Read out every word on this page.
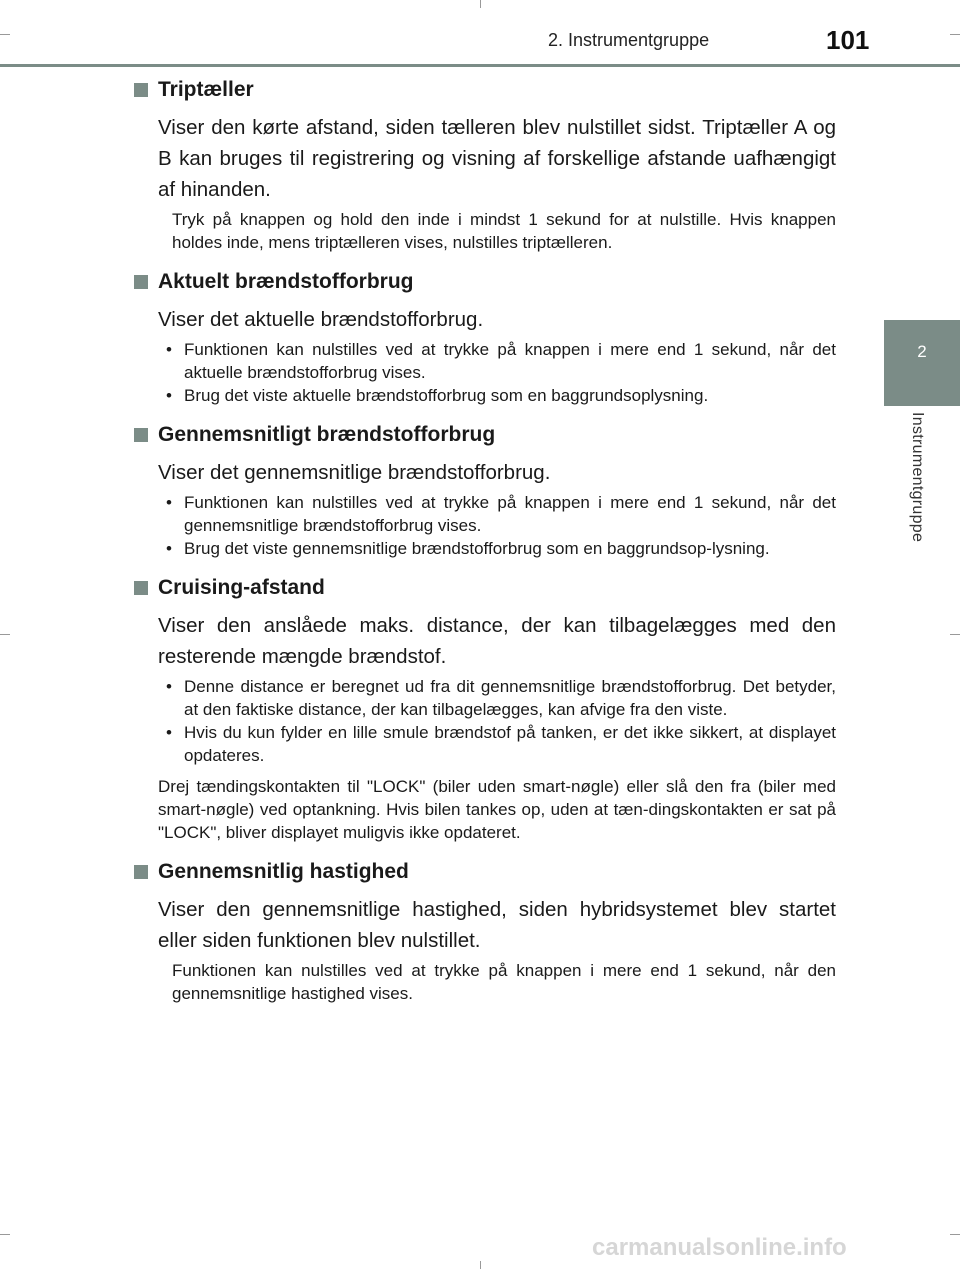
2. Instrumentgruppe	101
2
Instrumentgruppe
Triptæller

Viser den kørte afstand, siden tælleren blev nulstillet sidst. Triptæller A og B kan bruges til registrering og visning af forskellige afstande uafhængigt af hinanden.

Tryk på knappen og hold den inde i mindst 1 sekund for at nulstille. Hvis knappen holdes inde, mens triptælleren vises, nulstilles triptælleren.

Aktuelt brændstofforbrug

Viser det aktuelle brændstofforbrug.

• Funktionen kan nulstilles ved at trykke på knappen i mere end 1 sekund, når det aktuelle brændstofforbrug vises.
• Brug det viste aktuelle brændstofforbrug som en baggrundsoplysning.
Gennemsnitligt brændstofforbrug

Viser det gennemsnitlige brændstofforbrug.

• Funktionen kan nulstilles ved at trykke på knappen i mere end 1 sekund, når det gennemsnitlige brændstofforbrug vises.
• Brug det viste gennemsnitlige brændstofforbrug som en baggrundsop-lysning.
Cruising-afstand

Viser den anslåede maks. distance, der kan tilbagelægges med den resterende mængde brændstof.

• Denne distance er beregnet ud fra dit gennemsnitlige brændstofforbrug. Det betyder, at den faktiske distance, der kan tilbagelægges, kan afvige fra den viste.
• Hvis du kun fylder en lille smule brændstof på tanken, er det ikke sikkert, at displayet opdateres.

Drej tændingskontakten til "LOCK" (biler uden smart-nøgle) eller slå den fra (biler med smart-nøgle) ved optankning. Hvis bilen tankes op, uden at tæn-dingskontakten er sat på "LOCK", bliver displayet muligvis ikke opdateret.

Gennemsnitlig hastighed

Viser den gennemsnitlige hastighed, siden hybridsystemet blev startet eller siden funktionen blev nulstillet.

Funktionen kan nulstilles ved at trykke på knappen i mere end 1 sekund, når den gennemsnitlige hastighed vises.

carmanualsonline.info
